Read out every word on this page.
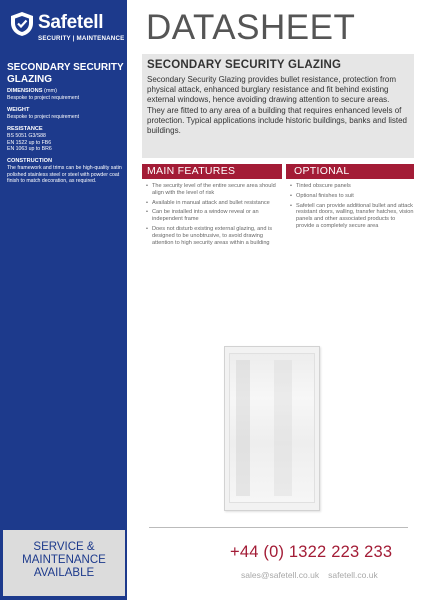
Safetell
SECURITY | MAINTENANCE
SECONDARY SECURITY GLAZING
DIMENSIONS (mm)
Bespoke to project requirement
WEIGHT
Bespoke to project requirement
RESISTANCE
BS 5051 G3/S88
EN 1522 up to FB6
EN 1063 up to BR6
CONSTRUCTION
The framework and trims can be high-quality satin polished stainless steel or steel with powder coat finish to match decoration, as required.
SERVICE & MAINTENANCE AVAILABLE
DATASHEET
SECONDARY SECURITY GLAZING
Secondary Security Glazing provides bullet resistance, protection from physical attack, enhanced burglary resistance and fit behind existing external windows, hence avoiding drawing attention to secure areas. They are fitted to any area of a building that requires enhanced levels of protection. Typical applications include historic buildings, banks and listed buildings.
MAIN FEATURES	OPTIONAL
• The security level of the entire secure area should align with the level of risk
• Available in manual attack and bullet resistance
• Can be installed into a window reveal or an independent frame
• Does not disturb existing external glazing, and is designed to be unobtrusive, to avoid drawing attention to high security areas within a building
• Tinted obscure panels
• Optional finishes to suit
• Safetell can provide additional bullet and attack resistant doors, walling, transfer hatches, vision panels and other associated products to provide a completely secure area
+44 (0) 1322 223 233
sales@safetell.co.uk safetell.co.uk
